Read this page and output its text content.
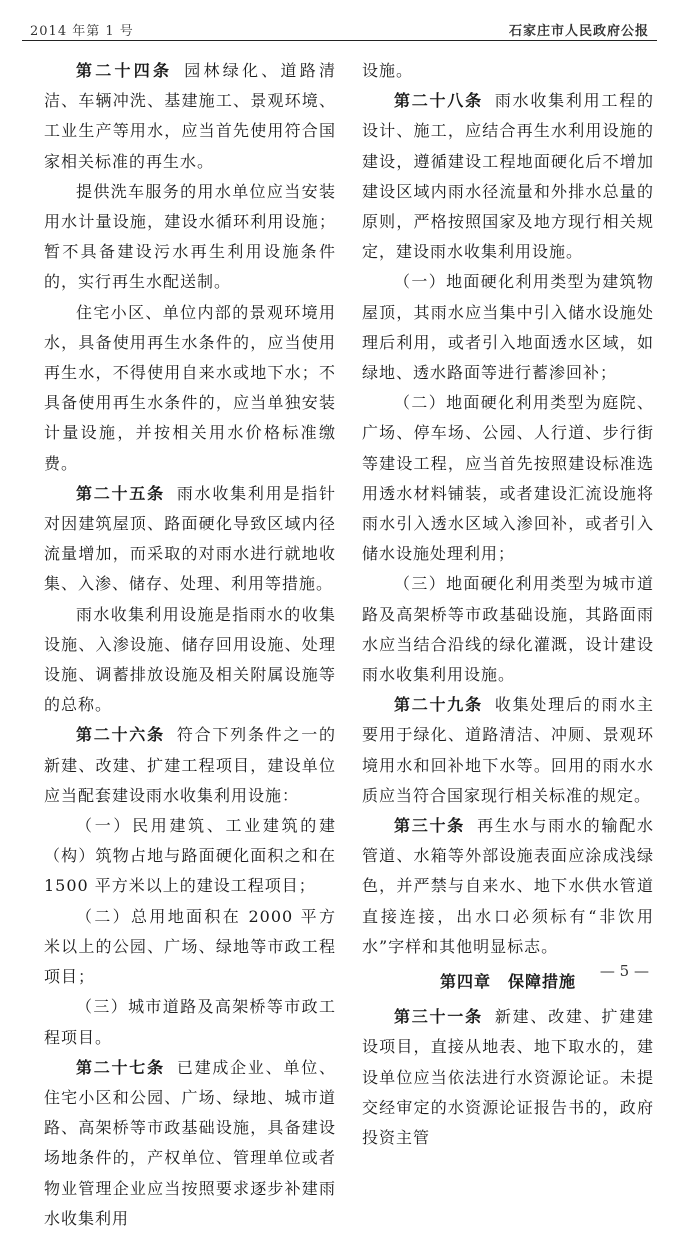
2014 年第 1 号	石家庄市人民政府公报

第二十四条 园林绿化、道路清洁、车辆冲洗、基建施工、景观环境、工业生产等用水，应当首先使用符合国家相关标准的再生水。

提供洗车服务的用水单位应当安装用水计量设施，建设水循环利用设施；暂不具备建设污水再生利用设施条件的，实行再生水配送制。

住宅小区、单位内部的景观环境用水，具备使用再生水条件的，应当使用再生水，不得使用自来水或地下水；不具备使用再生水条件的，应当单独安装计量设施，并按相关用水价格标准缴费。

第二十五条 雨水收集利用是指针对因建筑屋顶、路面硬化导致区域内径流量增加，而采取的对雨水进行就地收集、入渗、储存、处理、利用等措施。

雨水收集利用设施是指雨水的收集设施、入渗设施、储存回用设施、处理设施、调蓄排放设施及相关附属设施等的总称。

第二十六条 符合下列条件之一的新建、改建、扩建工程项目，建设单位应当配套建设雨水收集利用设施：

（一）民用建筑、工业建筑的建（构）筑物占地与路面硬化面积之和在 1500 平方米以上的建设工程项目；

（二）总用地面积在 2000 平方米以上的公园、广场、绿地等市政工程项目；

（三）城市道路及高架桥等市政工程项目。

第二十七条 已建成企业、单位、住宅小区和公园、广场、绿地、城市道路、高架桥等市政基础设施，具备建设场地条件的，产权单位、管理单位或者物业管理企业应当按照要求逐步补建雨水收集利用

设施。

第二十八条 雨水收集利用工程的设计、施工，应结合再生水利用设施的建设，遵循建设工程地面硬化后不增加建设区域内雨水径流量和外排水总量的原则，严格按照国家及地方现行相关规定，建设雨水收集利用设施。

（一）地面硬化利用类型为建筑物屋顶，其雨水应当集中引入储水设施处理后利用，或者引入地面透水区域，如绿地、透水路面等进行蓄渗回补；

（二）地面硬化利用类型为庭院、广场、停车场、公园、人行道、步行街等建设工程，应当首先按照建设标准选用透水材料铺装，或者建设汇流设施将雨水引入透水区域入渗回补，或者引入储水设施处理利用；

（三）地面硬化利用类型为城市道路及高架桥等市政基础设施，其路面雨水应当结合沿线的绿化灌溉，设计建设雨水收集利用设施。

第二十九条 收集处理后的雨水主要用于绿化、道路清洁、冲厕、景观环境用水和回补地下水等。回用的雨水水质应当符合国家现行相关标准的规定。

第三十条 再生水与雨水的输配水管道、水箱等外部设施表面应涂成浅绿色，并严禁与自来水、地下水供水管道直接连接，出水口必须标有“非饮用水”字样和其他明显标志。

第四章　保障措施

第三十一条 新建、改建、扩建建设项目，直接从地表、地下取水的，建设单位应当依法进行水资源论证。未提交经审定的水资源论证报告书的，政府投资主管

— 5 —
